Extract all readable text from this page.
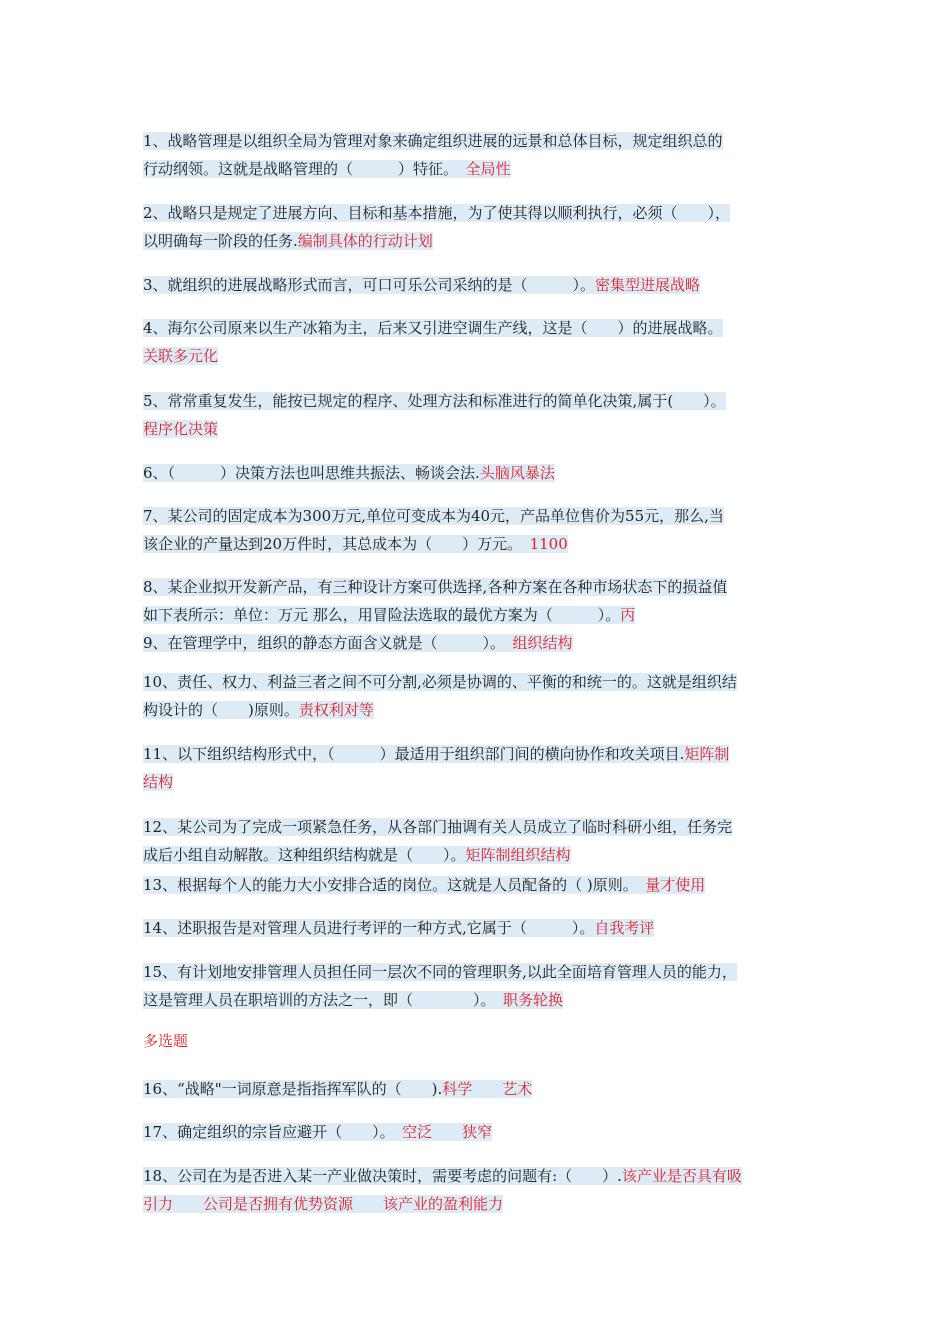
1、战略管理是以组织全局为管理对象来确定组织进展的远景和总体目标，规定组织总的
行动纲领。这就是战略管理的（　　　）特征。　全局性
2、战略只是规定了进展方向、目标和基本措施，为了使其得以顺利执行，必须（　　），
以明确每一阶段的任务.编制具体的行动计划
3、就组织的进展战略形式而言，可口可乐公司采纳的是（　　　）。密集型进展战略
4、海尔公司原来以生产冰箱为主，后来又引进空调生产线，这是（　　）的进展战略。
关联多元化
5、常常重复发生，能按已规定的程序、处理方法和标准进行的简单化决策,属于(　　）。
程序化决策
6、（　　　）决策方法也叫思维共振法、畅谈会法.头脑风暴法
7、某公司的固定成本为300万元,单位可变成本为40元，产品单位售价为55元，那么,当
该企业的产量达到20万件时，其总成本为（　　）万元。　1100
8、某企业拟开发新产品，有三种设计方案可供选择,各种方案在各种市场状态下的损益值
如下表所示：单位：万元 那么，用冒险法选取的最优方案为（　　　）。丙
9、在管理学中，组织的静态方面含义就是（　　　）。　组织结构
10、责任、权力、利益三者之间不可分割,必须是协调的、平衡的和统一的。这就是组织结
构设计的（　　)原则。责权利对等
11、以下组织结构形式中，（　　　）最适用于组织部门间的横向协作和攻关项目.矩阵制
结构
12、某公司为了完成一项紧急任务，从各部门抽调有关人员成立了临时科研小组，任务完
成后小组自动解散。这种组织结构就是（　　）。矩阵制组织结构
13、根据每个人的能力大小安排合适的岗位。这就是人员配备的（ )原则。　量才使用
14、述职报告是对管理人员进行考评的一种方式,它属于（　　　）。自我考评
15、有计划地安排管理人员担任同一层次不同的管理职务,以此全面培育管理人员的能力，
这是管理人员在职培训的方法之一，即（　　　　）。　职务轮换
16、“战略"一词原意是指指挥军队的（　　).科学　　艺术
17、确定组织的宗旨应避开（　　）。　空泛　　狭窄
18、公司在为是否进入某一产业做决策时，需要考虑的问题有:（　　）.该产业是否具有吸
引力　　公司是否拥有优势资源　　该产业的盈利能力
多选题
